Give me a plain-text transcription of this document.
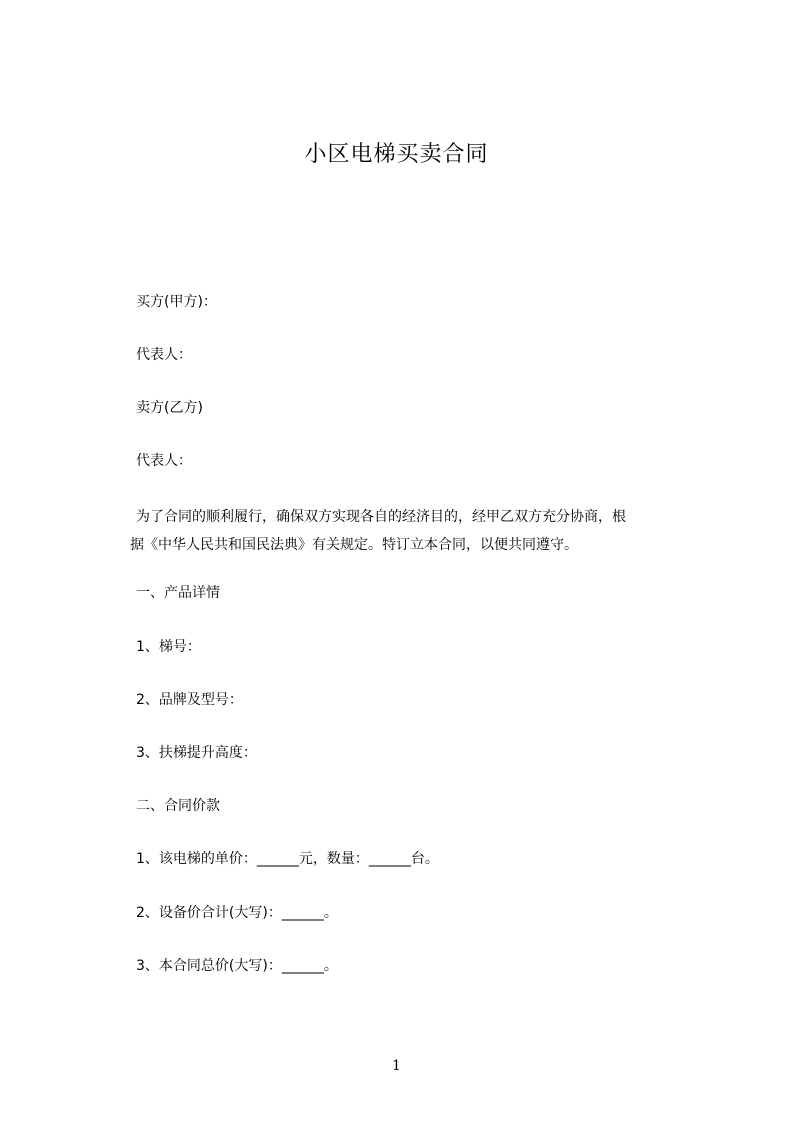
小区电梯买卖合同
买方(甲方)：
代表人：
卖方(乙方)
代表人：
为了合同的顺利履行，确保双方实现各自的经济目的，经甲乙双方充分协商，根
据《中华人民共和国民法典》有关规定。特订立本合同，以便共同遵守。
一、产品详情
1、梯号：
2、品牌及型号：
3、扶梯提升高度：
二、合同价款
1、该电梯的单价：______元，数量：______台。
2、设备价合计(大写)：______。
3、本合同总价(大写)：______。
1
